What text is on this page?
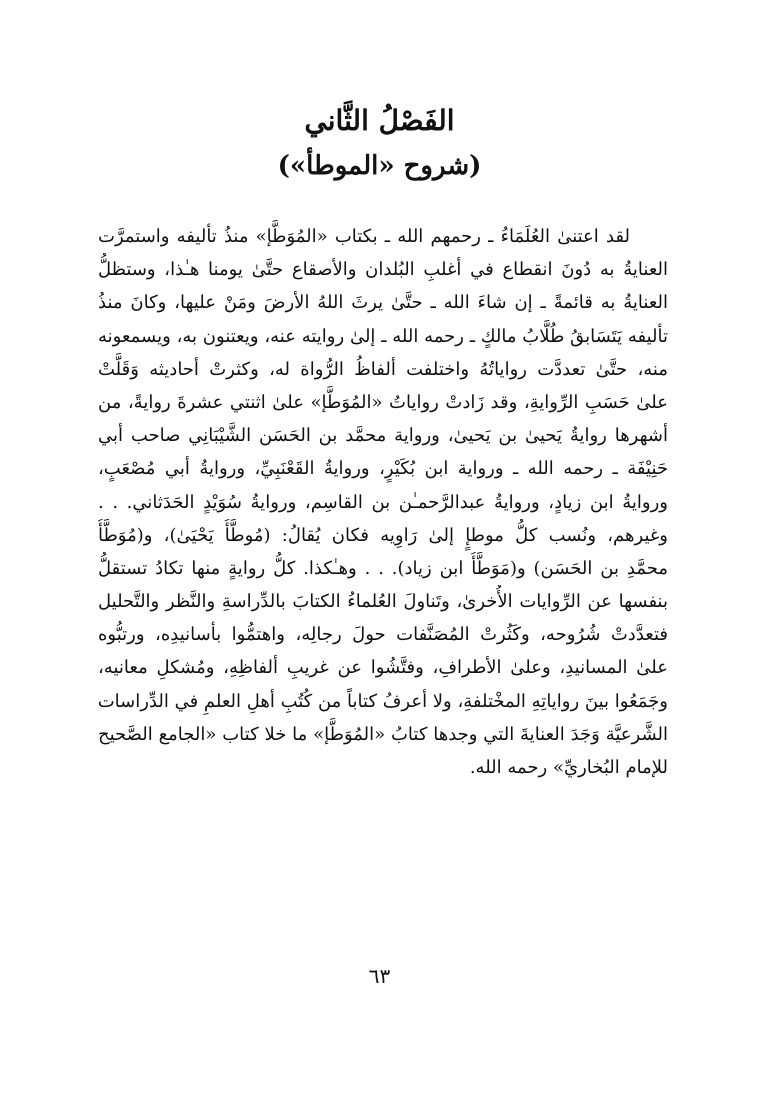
الفَصْلُ الثَّاني
(شروح «الموطأ»)
لقد اعتنىٰ العُلَمَاءُ ـ رحمهم الله ـ بكتاب «المُوَطَّإ» منذُ تأليفه واستمرَّت
العنايةُ به دُونَ انقطاع في أغلبِ البُلدان والأصقاع حتَّىٰ يومنا هـٰذا، وستظلُّ
العنايةُ به قائمةً ـ إن شاءَ الله ـ حتَّىٰ يرثَ اللهُ الأرضَ ومَنْ عليها، وكانَ منذُ
تأليفه يَتَسَابقُ طُلَّابُ مالكٍ ـ رحمه الله ـ إلىٰ روايته عنه، ويعتنون به، ويسمعونه
منه، حتَّىٰ تعددَّت رواياتُهُ واختلفت ألفاظُ الرُّواة له، وكثرتْ أحاديثه وَقَلَّتْ
علىٰ حَسَبِ الرِّوايةِ، وقد زَادتْ رواياتُ «المُوَطَّإ» علىٰ اثنتي عشرةَ روايةً، من
أشهرها روايةُ يَحيىٰ بن يَحيىٰ، ورواية محمَّد بن الحَسَن الشَّيْبَانِي صاحب أبي
حَنِيْفَة ـ رحمه الله ـ ورواية ابن بُكَيْرٍ، وروايةُ القَعْنَبِيِّ، وروايةُ أبي مُصْعَبٍ،
وروايةُ ابن زيادٍ، وروايةُ عبدالرَّحمـٰن بن القاسِم، وروايةُ سُوَيْدٍ الحَدَثاني. . .
وغيرهم، ونُسب كلُّ موطإٍ إلىٰ رَاوِيه فكان يُقالُ: (مُوطَّأُ يَحْيَىٰ)، و(مُوَطَّأُ
محمَّدِ بن الحَسَن) و(مَوَطَّأُ ابن زياد). . . وهـٰكذا. كلُّ روايةٍ منها تكادُ تستقلُّ
بنفسها عن الرِّوايات الأُخرىٰ، وتَناولَ العُلماءُ الكتابَ بالدِّراسةِ والنَّظر والتَّحليل
فتعدَّدتْ شُرُوحه، وكَثُرتْ المُصَنَّفات حولَ رجالِه، واهتمُّوا بأسانيدِه، ورتبُّوه
علىٰ المسانيدِ، وعلىٰ الأطرافِ، وفتَّشُوا عن غريبِ ألفاظِهِ، ومُشكلِ معانيه،
وجَمَعُوا بينَ رواياتِهِ المخْتلفةِ، ولا أعرفُ كتاباً من كُتُبِ أهلِ العلمِ في الدِّراسات
الشَّرعيَّة وَجَدَ العنايةَ التي وجدها كتابُ «المُوَطَّإ» ما خلا كتاب «الجامع الصَّحيح
للإمام البُخاريِّ» رحمه الله.
٦٣
